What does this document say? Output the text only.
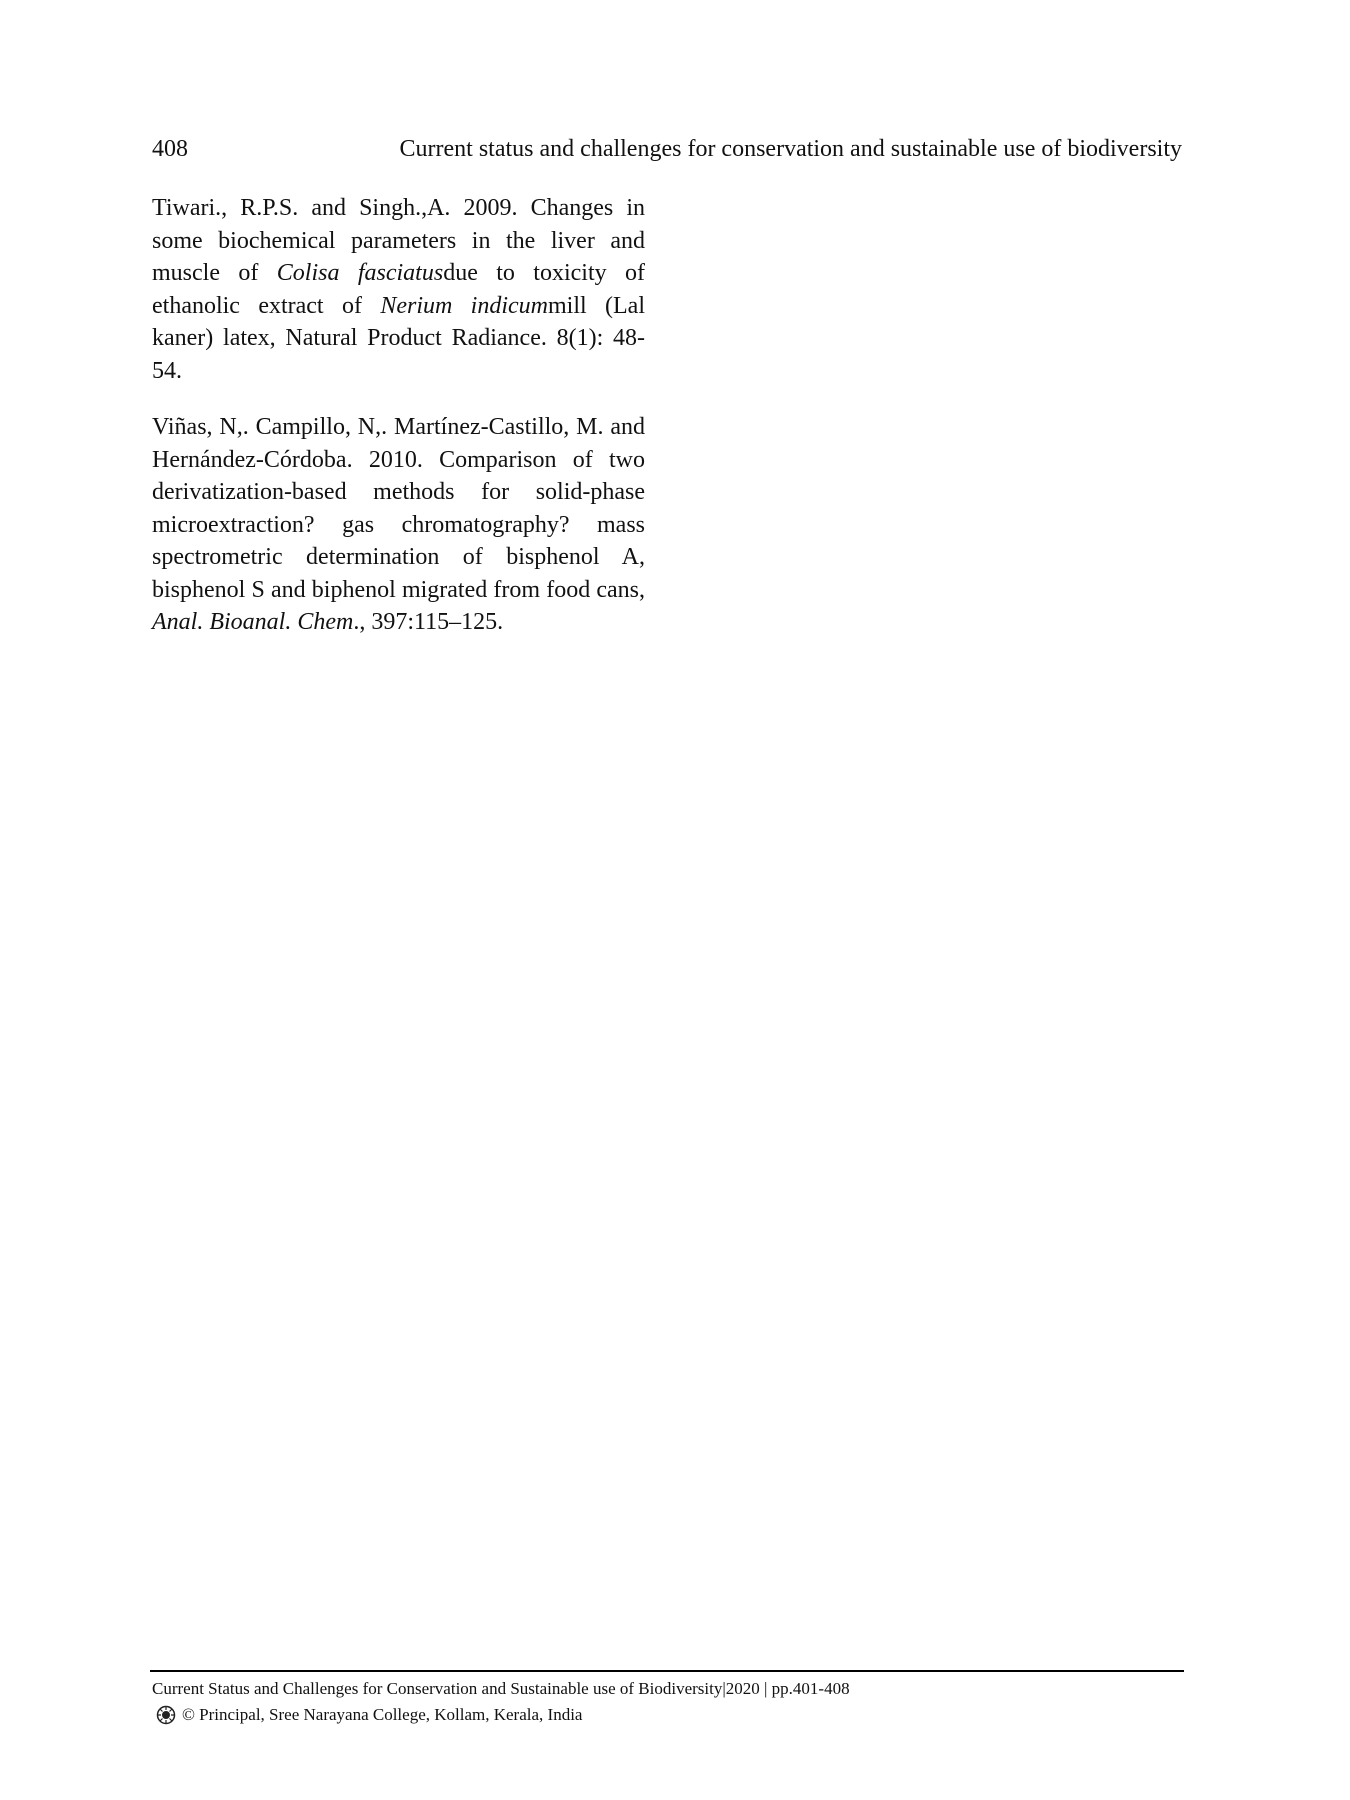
408	Current status and challenges for conservation and sustainable use of biodiversity

Tiwari., R.P.S. and Singh.,A. 2009. Changes in some biochemical parameters in the liver and muscle of Colisa fasciatusdue to toxicity of ethanolic extract of Nerium indicummill (Lal kaner) latex, Natural Product Radiance. 8(1): 48-54.

Viñas, N,. Campillo, N,. Martínez-Castillo, M. and Hernández-Córdoba. 2010. Comparison of two derivatization-based methods for solid-phase microextraction? gas chromatography? mass spectrometric determination of bisphenol A, bisphenol S and biphenol migrated from food cans, Anal. Bioanal. Chem., 397:115–125.

Current Status and Challenges for Conservation and Sustainable use of Biodiversity|2020 | pp.401-408
© Principal, Sree Narayana College, Kollam, Kerala, India
